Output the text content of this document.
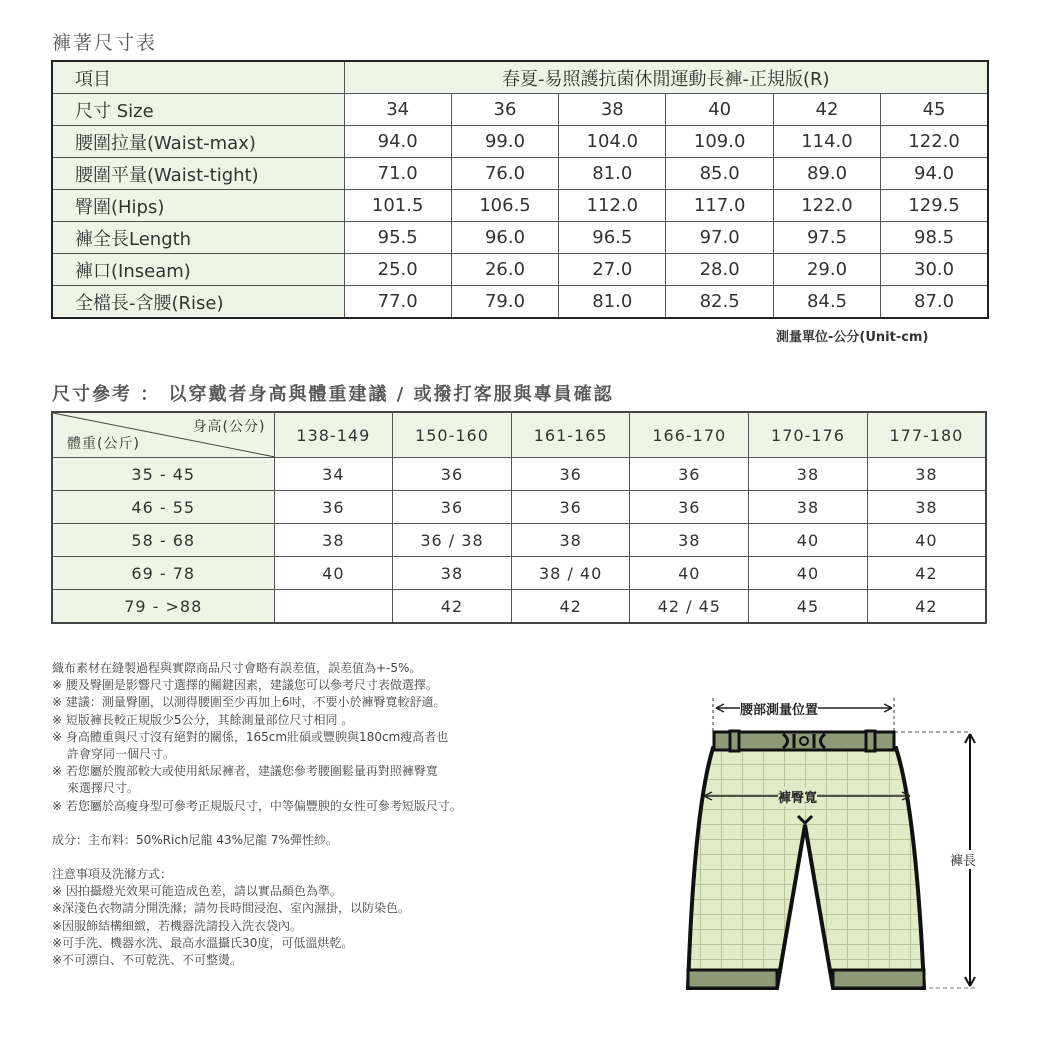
褲著尺寸表
項目	春夏-易照護抗菌休閒運動長褲-正規版(R)					
尺寸 Size	34	36	38	40	42	45
腰圍拉量(Waist-max)	94.0	99.0	104.0	109.0	114.0	122.0
腰圍平量(Waist-tight)	71.0	76.0	81.0	85.0	89.0	94.0
臀圍(Hips)	101.5	106.5	112.0	117.0	122.0	129.5
褲全長Length	95.5	96.0	96.5	97.0	97.5	98.5
褲口(Inseam)	25.0	26.0	27.0	28.0	29.0	30.0
全檔長-含腰(Rise)	77.0	79.0	81.0	82.5	84.5	87.0
測量單位-公分(Unit-cm)
尺寸參考 ： 以穿戴者身高與體重建議 / 或撥打客服與專員確認
身高(公分)
體重(公斤)	138-149	150-160	161-165	166-170	170-176	177-180
35 - 45	34	36	36	36	38	38
46 - 55	36	36	36	36	38	38
58 - 68	38	36 / 38	38	38	40	40
69 - 78	40	38	38 / 40	40	40	42
79 - >88		42	42	42 / 45	45	42
織布素材在縫製過程與實際商品尺寸會略有誤差值，誤差值為+-5%。
※ 腰及臀圍是影響尺寸選擇的關鍵因素，建議您可以參考尺寸表做選擇。
※ 建議：測量臀圍，以測得腰圍至少再加上6吋，不要小於褲臀寬較舒適。
※ 短版褲長較正規版少5公分，其餘測量部位尺寸相同 。
※ 身高體重與尺寸沒有絕對的關係，165cm壯碩或豐腴與180cm瘦高者也
許會穿同一個尺寸。
※ 若您屬於腹部較大或使用紙尿褲者，建議您參考腰圍鬆量再對照褲臀寬
來選擇尺寸。
※ 若您屬於高瘦身型可參考正規版尺寸，中等偏豐腴的女性可參考短版尺寸。
成分：主布料：50%Rich尼龍 43%尼龍 7%彈性紗。
注意事項及洗滌方式：
※ 因拍攝燈光效果可能造成色差，請以實品顏色為準。
※深淺色衣物請分開洗滌；請勿長時間浸泡、室內濕掛，以防染色。
※因服飾結構細緻，若機器洗請投入洗衣袋內。
※可手洗、機器水洗、最高水溫攝氏30度，可低溫烘乾。
※不可漂白、不可乾洗、不可整燙。
腰部測量位置
褲臀寬
褲長
